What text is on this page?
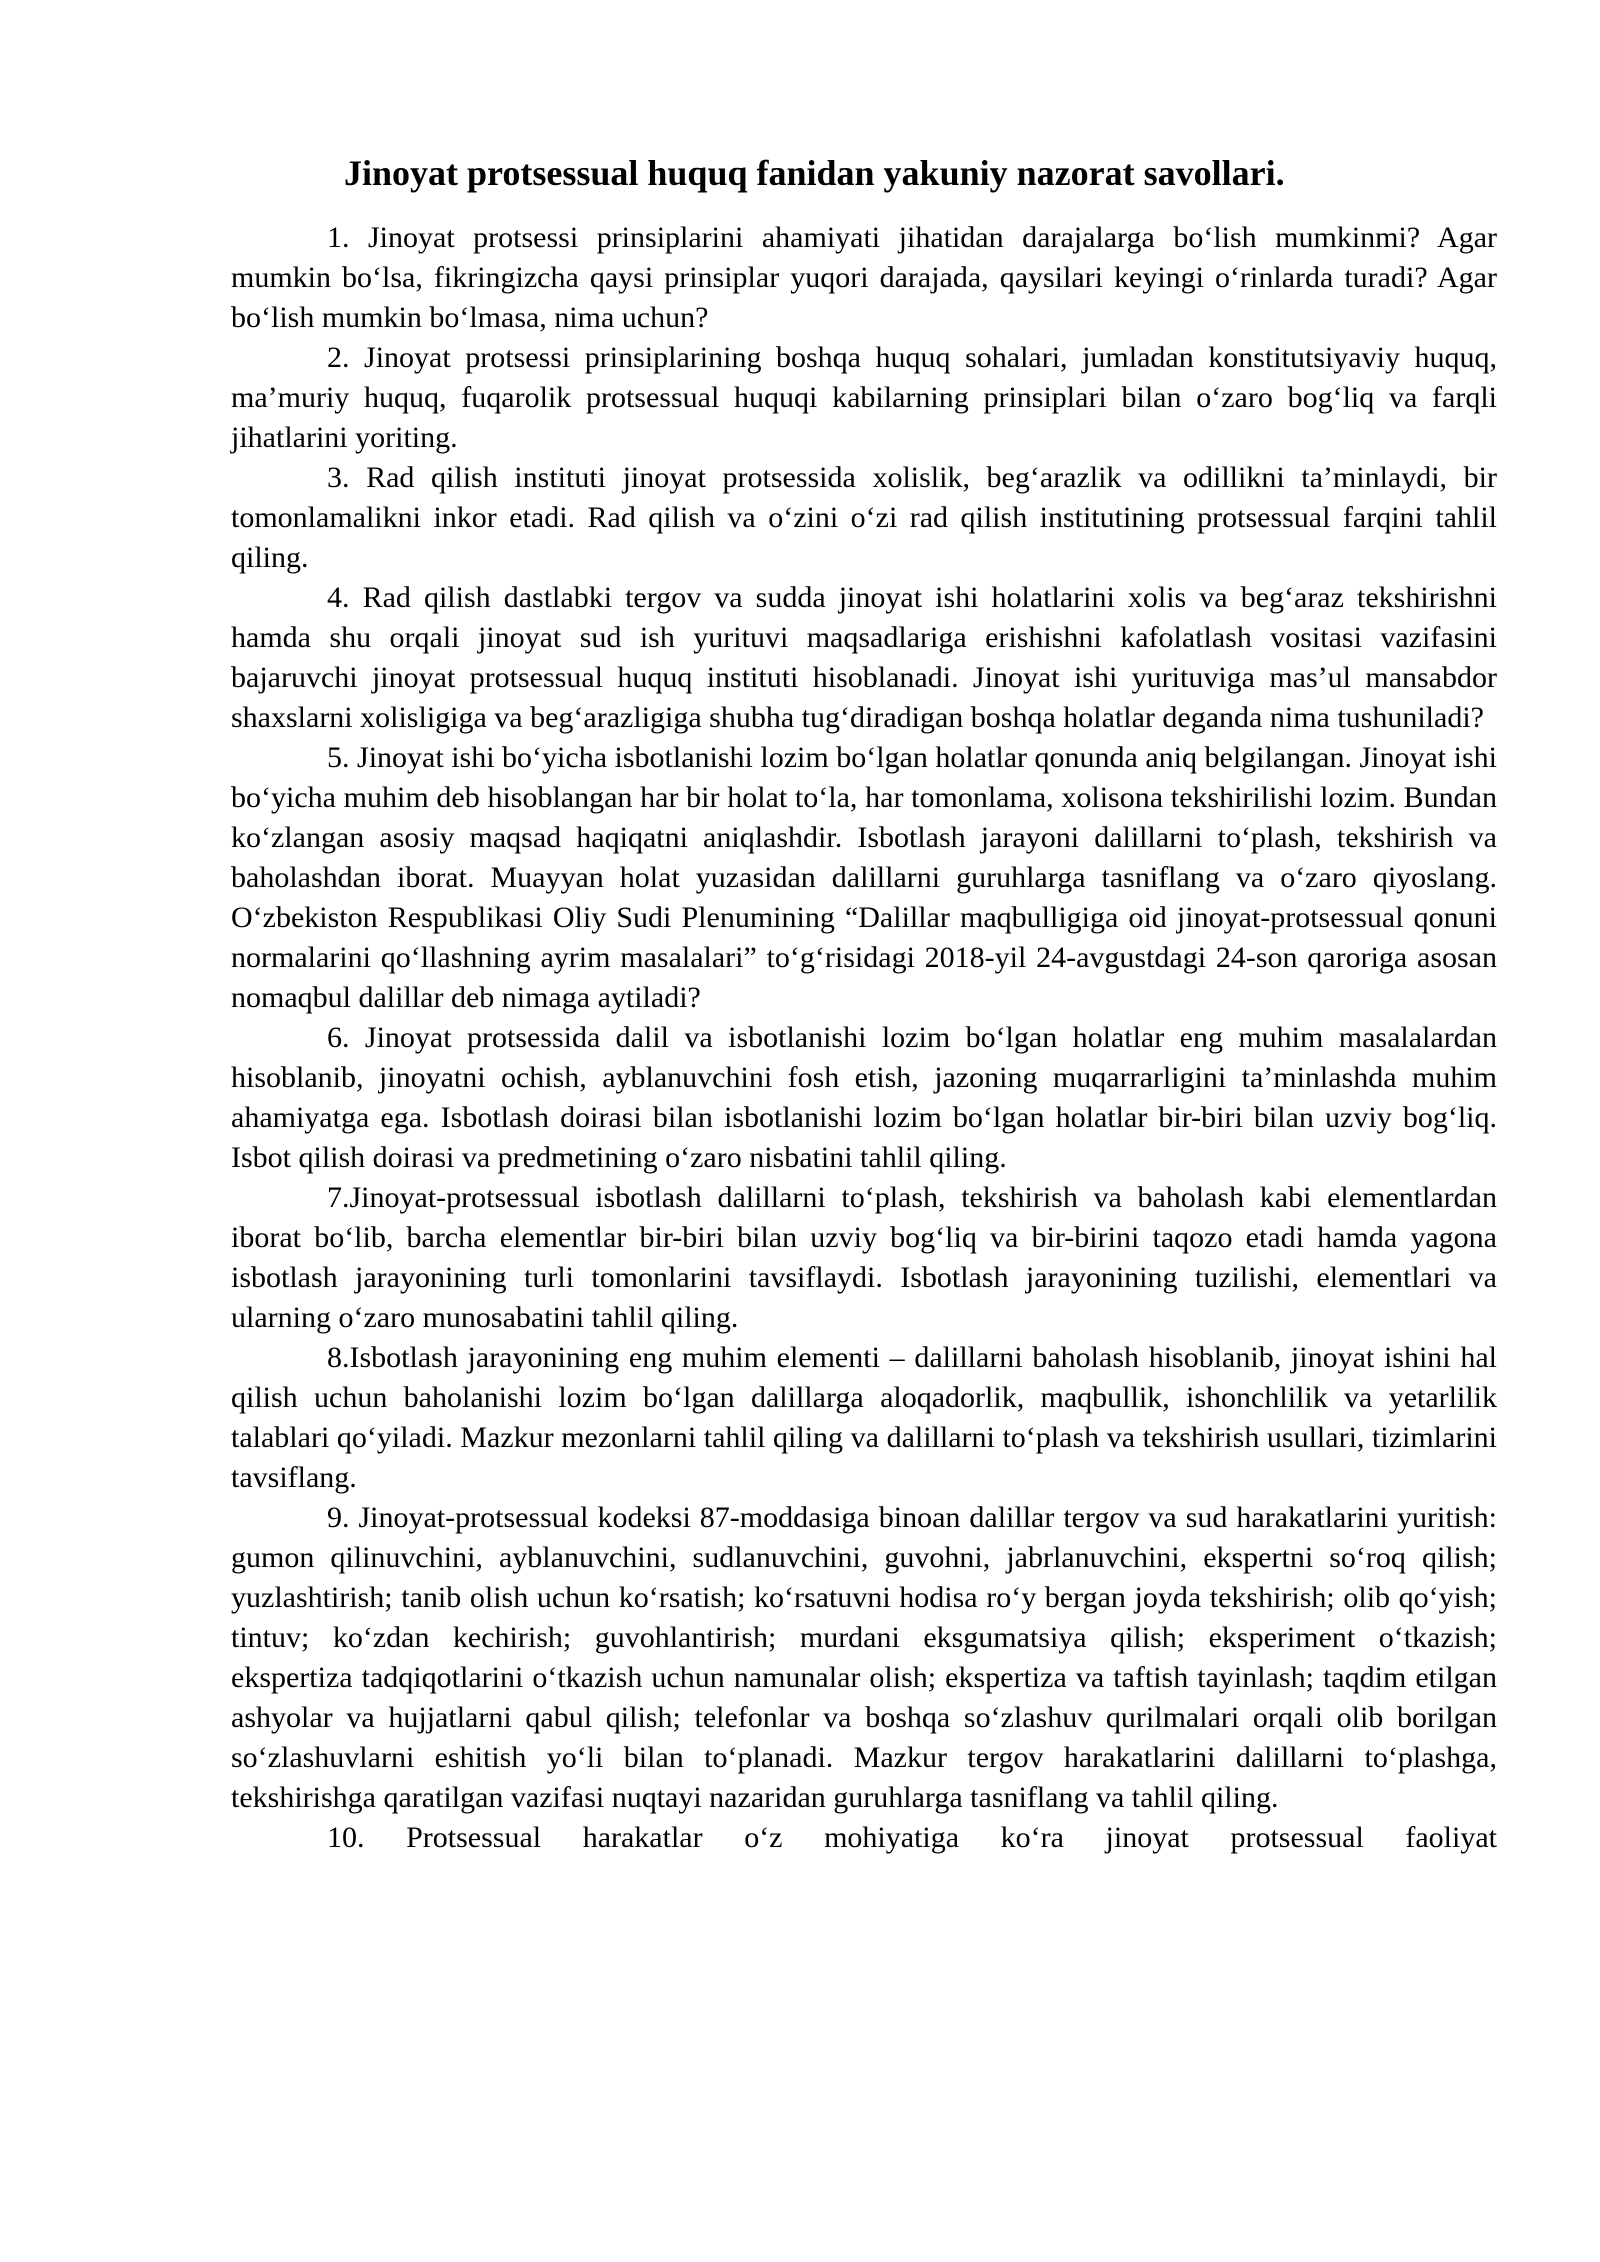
Jinoyat protsessual huquq fanidan yakuniy nazorat savollari.

1. Jinoyat protsessi prinsiplarini ahamiyati jihatidan darajalarga bo‘lish mumkinmi? Agar mumkin bo‘lsa, fikringizcha qaysi prinsiplar yuqori darajada, qaysilari keyingi o‘rinlarda turadi? Agar bo‘lish mumkin bo‘lmasa, nima uchun?

2. Jinoyat protsessi prinsiplarining boshqa huquq sohalari, jumladan konstitutsiyaviy huquq, ma’muriy huquq, fuqarolik protsessual huquqi kabilarning prinsiplari bilan o‘zaro bog‘liq va farqli jihatlarini yoriting.

3. Rad qilish instituti jinoyat protsessida xolislik, beg‘arazlik va odillikni ta’minlaydi, bir tomonlamalikni inkor etadi. Rad qilish va o‘zini o‘zi rad qilish institutining protsessual farqini tahlil qiling.

4. Rad qilish dastlabki tergov va sudda jinoyat ishi holatlarini xolis va beg‘araz tekshirishni hamda shu orqali jinoyat sud ish yurituvi maqsadlariga erishishni kafolatlash vositasi vazifasini bajaruvchi jinoyat protsessual huquq instituti hisoblanadi. Jinoyat ishi yurituviga mas’ul mansabdor shaxslarni xolisligiga va beg‘arazligiga shubha tug‘diradigan boshqa holatlar deganda nima tushuniladi?

5. Jinoyat ishi bo‘yicha isbotlanishi lozim bo‘lgan holatlar qonunda aniq belgilangan. Jinoyat ishi bo‘yicha muhim deb hisoblangan har bir holat to‘la, har tomonlama, xolisona tekshirilishi lozim. Bundan ko‘zlangan asosiy maqsad haqiqatni aniqlashdir. Isbotlash jarayoni dalillarni to‘plash, tekshirish va baholashdan iborat. Muayyan holat yuzasidan dalillarni guruhlarga tasniflang va o‘zaro qiyoslang. O‘zbekiston Respublikasi Oliy Sudi Plenumining “Dalillar maqbulligiga oid jinoyat-protsessual qonuni normalarini qo‘llashning ayrim masalalari” to‘g‘risidagi 2018-yil 24-avgustdagi 24-son qaroriga asosan nomaqbul dalillar deb nimaga aytiladi?

6. Jinoyat protsessida dalil va isbotlanishi lozim bo‘lgan holatlar eng muhim masalalardan hisoblanib, jinoyatni ochish, ayblanuvchini fosh etish, jazoning muqarrarligini ta’minlashda muhim ahamiyatga ega. Isbotlash doirasi bilan isbotlanishi lozim bo‘lgan holatlar bir-biri bilan uzviy bog‘liq. Isbot qilish doirasi va predmetining o‘zaro nisbatini tahlil qiling.

7.Jinoyat-protsessual isbotlash dalillarni to‘plash, tekshirish va baholash kabi elementlardan iborat bo‘lib, barcha elementlar bir-biri bilan uzviy bog‘liq va bir-birini taqozo etadi hamda yagona isbotlash jarayonining turli tomonlarini tavsiflaydi. Isbotlash jarayonining tuzilishi, elementlari va ularning o‘zaro munosabatini tahlil qiling.

8.Isbotlash jarayonining eng muhim elementi – dalillarni baholash hisoblanib, jinoyat ishini hal qilish uchun baholanishi lozim bo‘lgan dalillarga aloqadorlik, maqbullik, ishonchlilik va yetarlilik talablari qo‘yiladi. Mazkur mezonlarni tahlil qiling va dalillarni to‘plash va tekshirish usullari, tizimlarini tavsiflang.

9. Jinoyat-protsessual kodeksi 87-moddasiga binoan dalillar tergov va sud harakatlarini yuritish: gumon qilinuvchini, ayblanuvchini, sudlanuvchini, guvohni, jabrlanuvchini, ekspertni so‘roq qilish; yuzlashtirish; tanib olish uchun ko‘rsatish; ko‘rsatuvni hodisa ro‘y bergan joyda tekshirish; olib qo‘yish; tintuv; ko‘zdan kechirish; guvohlantirish; murdani eksgumatsiya qilish; eksperiment o‘tkazish; ekspertiza tadqiqotlarini o‘tkazish uchun namunalar olish; ekspertiza va taftish tayinlash; taqdim etilgan ashyolar va hujjatlarni qabul qilish; telefonlar va boshqa so‘zlashuv qurilmalari orqali olib borilgan so‘zlashuvlarni eshitish yo‘li bilan to‘planadi. Mazkur tergov harakatlarini dalillarni to‘plashga, tekshirishga qaratilgan vazifasi nuqtayi nazaridan guruhlarga tasniflang va tahlil qiling.

10. Protsessual harakatlar o‘z mohiyatiga ko‘ra jinoyat protsessual faoliyat
